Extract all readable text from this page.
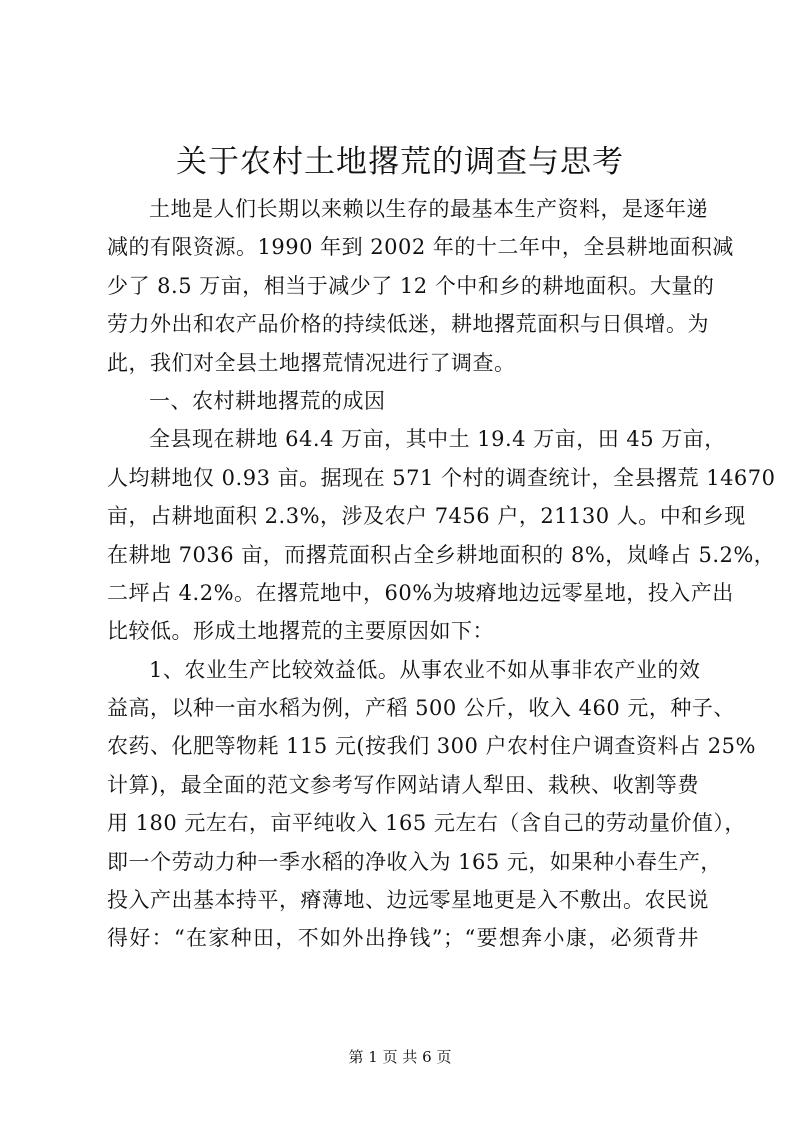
关于农村土地撂荒的调查与思考
土地是人们长期以来赖以生存的最基本生产资料，是逐年递
减的有限资源。1990 年到 2002 年的十二年中，全县耕地面积减
少了 8.5 万亩，相当于减少了 12 个中和乡的耕地面积。大量的
劳力外出和农产品价格的持续低迷，耕地撂荒面积与日俱增。为
此，我们对全县土地撂荒情况进行了调查。
一、农村耕地撂荒的成因
全县现在耕地 64.4 万亩，其中土 19.4 万亩，田 45 万亩，
人均耕地仅 0.93 亩。据现在 571 个村的调查统计，全县撂荒 14670
亩，占耕地面积 2.3%，涉及农户 7456 户，21130 人。中和乡现
在耕地 7036 亩，而撂荒面积占全乡耕地面积的 8%，岚峰占 5.2%，
二坪占 4.2%。在撂荒地中，60%为坡瘠地边远零星地，投入产出
比较低。形成土地撂荒的主要原因如下：
1、农业生产比较效益低。从事农业不如从事非农产业的效
益高，以种一亩水稻为例，产稻 500 公斤，收入 460 元，种子、
农药、化肥等物耗 115 元(按我们 300 户农村住户调查资料占 25%
计算)，最全面的范文参考写作网站请人犁田、栽秧、收割等费
用 180 元左右，亩平纯收入 165 元左右（含自己的劳动量价值），
即一个劳动力种一季水稻的净收入为 165 元，如果种小春生产，
投入产出基本持平，瘠薄地、边远零星地更是入不敷出。农民说
得好：“在家种田，不如外出挣钱”；“要想奔小康，必须背井
第 1 页 共 6 页
